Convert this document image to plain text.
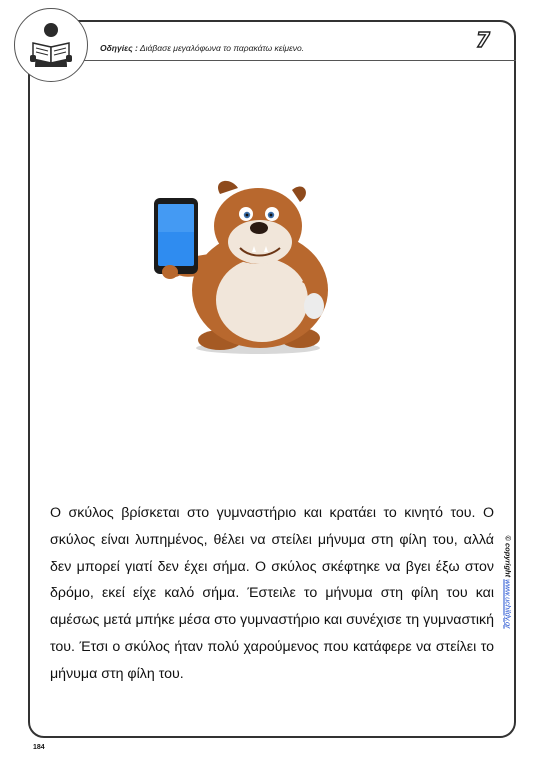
Οδηγίες : Διάβασε μεγαλόφωνα το παρακάτω κείμενο.	7

Ο σκύλος βρίσκεται στο γυμναστήριο και κρατάει το κινητό του. Ο σκύλος είναι λυπημένος, θέλει να στείλει μήνυμα στη φίλη του, αλλά δεν μπορεί γιατί δεν έχει σήμα. Ο σκύλος σκέφτηκε να βγει έξω στον δρόμο, εκεί είχε καλό σήμα. Έστειλε το μήνυμα στη φίλη του και αμέσως μετά μπήκε μέσα στο γυμναστήριο και συνέχισε τη γυμναστική του. Έτσι ο σκύλος ήταν πολύ χαρούμενος που κατάφερε να στείλει το μήνυμα στη φίλη του.

© copyright www.uchildy.gr
184
